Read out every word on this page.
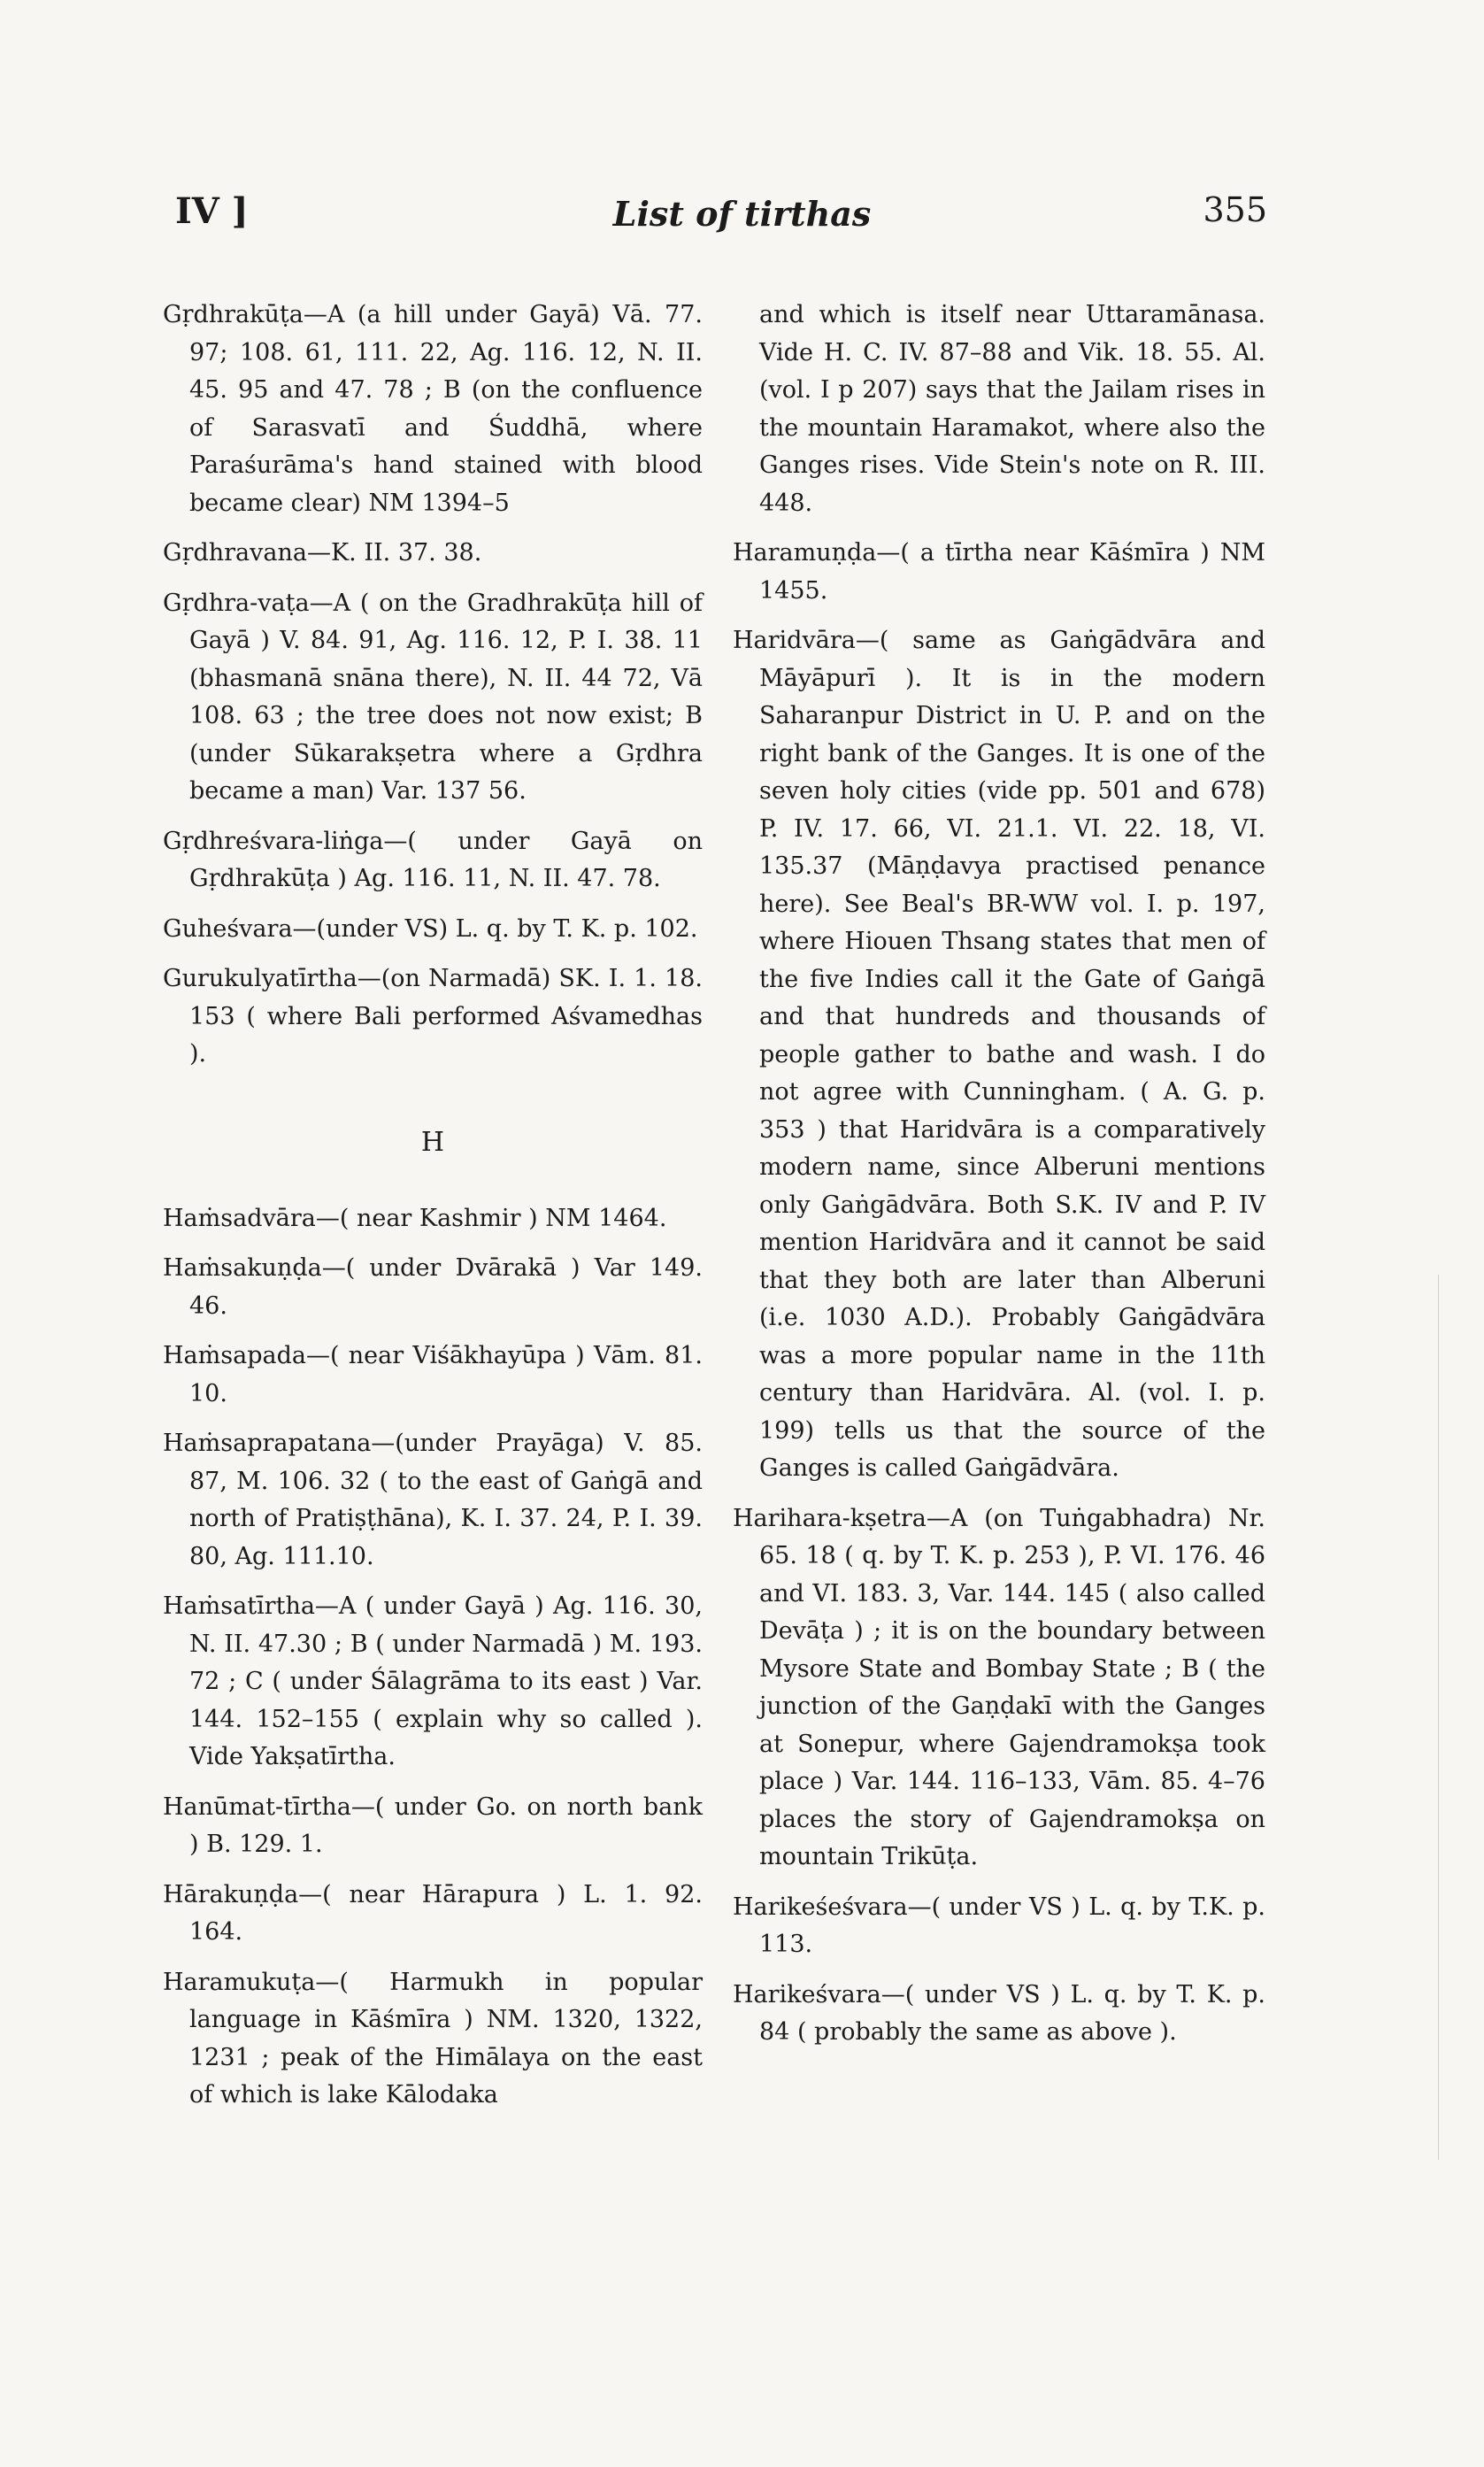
IV ]	List of tirthas	355

Gṛdhrakūṭa—A (a hill under Gayā) Vā. 77. 97; 108. 61, 111. 22, Ag. 116. 12, N. II. 45. 95 and 47. 78 ; B (on the confluence of Sarasvatī and Śuddhā, where Paraśurāma's hand stained with blood became clear) NM 1394–5

Gṛdhravana—K. II. 37. 38.

Gṛdhra-vaṭa—A ( on the Gradhrakūṭa hill of Gayā ) V. 84. 91, Ag. 116. 12, P. I. 38. 11 (bhasmanā snāna there), N. II. 44 72, Vā 108. 63 ; the tree does not now exist; B (under Sūkarakṣetra where a Gṛdhra became a man) Var. 137 56.

Gṛdhreśvara-liṅga—( under Gayā on Gṛdhrakūṭa ) Ag. 116. 11, N. II. 47. 78.

Guheśvara—(under VS) L. q. by T. K. p. 102.

Gurukulyatīrtha—(on Narmadā) SK. I. 1. 18. 153 ( where Bali performed Aśvamedhas ).

H

Haṁsadvāra—( near Kashmir ) NM 1464.

Haṁsakuṇḍa—( under Dvārakā ) Var 149. 46.

Haṁsapada—( near Viśākhayūpa ) Vām. 81. 10.

Haṁsaprapatana—(under Prayāga) V. 85. 87, M. 106. 32 ( to the east of Gaṅgā and north of Pratiṣṭhāna), K. I. 37. 24, P. I. 39. 80, Ag. 111.10.

Haṁsatīrtha—A ( under Gayā ) Ag. 116. 30, N. II. 47.30 ; B ( under Narmadā ) M. 193. 72 ; C ( under Śālagrāma to its east ) Var. 144. 152–155 ( explain why so called ). Vide Yakṣatīrtha.

Hanūmat-tīrtha—( under Go. on north bank ) B. 129. 1.

Hārakuṇḍa—( near Hārapura ) L. 1. 92. 164.

Haramukuṭa—( Harmukh in popular language in Kāśmīra ) NM. 1320, 1322, 1231 ; peak of the Himālaya on the east of which is lake Kālodaka

and which is itself near Uttaramānasa. Vide H. C. IV. 87–88 and Vik. 18. 55. Al. (vol. I p 207) says that the Jailam rises in the mountain Haramakot, where also the Ganges rises. Vide Stein's note on R. III. 448.

Haramuṇḍa—( a tīrtha near Kāśmīra ) NM 1455.

Haridvāra—( same as Gaṅgādvāra and Māyāpurī ). It is in the modern Saharanpur District in U. P. and on the right bank of the Ganges. It is one of the seven holy cities (vide pp. 501 and 678) P. IV. 17. 66, VI. 21.1. VI. 22. 18, VI. 135.37 (Māṇḍavya practised penance here). See Beal's BR-WW vol. I. p. 197, where Hiouen Thsang states that men of the five Indies call it the Gate of Gaṅgā and that hundreds and thousands of people gather to bathe and wash. I do not agree with Cunningham. ( A. G. p. 353 ) that Haridvāra is a comparatively modern name, since Alberuni mentions only Gaṅgādvāra. Both S.K. IV and P. IV mention Haridvāra and it cannot be said that they both are later than Alberuni (i.e. 1030 A.D.). Probably Gaṅgādvāra was a more popular name in the 11th century than Haridvāra. Al. (vol. I. p. 199) tells us that the source of the Ganges is called Gaṅgādvāra.

Harihara-kṣetra—A (on Tuṅgabhadra) Nr. 65. 18 ( q. by T. K. p. 253 ), P. VI. 176. 46 and VI. 183. 3, Var. 144. 145 ( also called Devāṭa ) ; it is on the boundary between Mysore State and Bombay State ; B ( the junction of the Gaṇḍakī with the Ganges at Sonepur, where Gajendramokṣa took place ) Var. 144. 116–133, Vām. 85. 4–76 places the story of Gajendramokṣa on mountain Trikūṭa.

Harikeśeśvara—( under VS ) L. q. by T.K. p. 113.

Harikeśvara—( under VS ) L. q. by T. K. p. 84 ( probably the same as above ).
